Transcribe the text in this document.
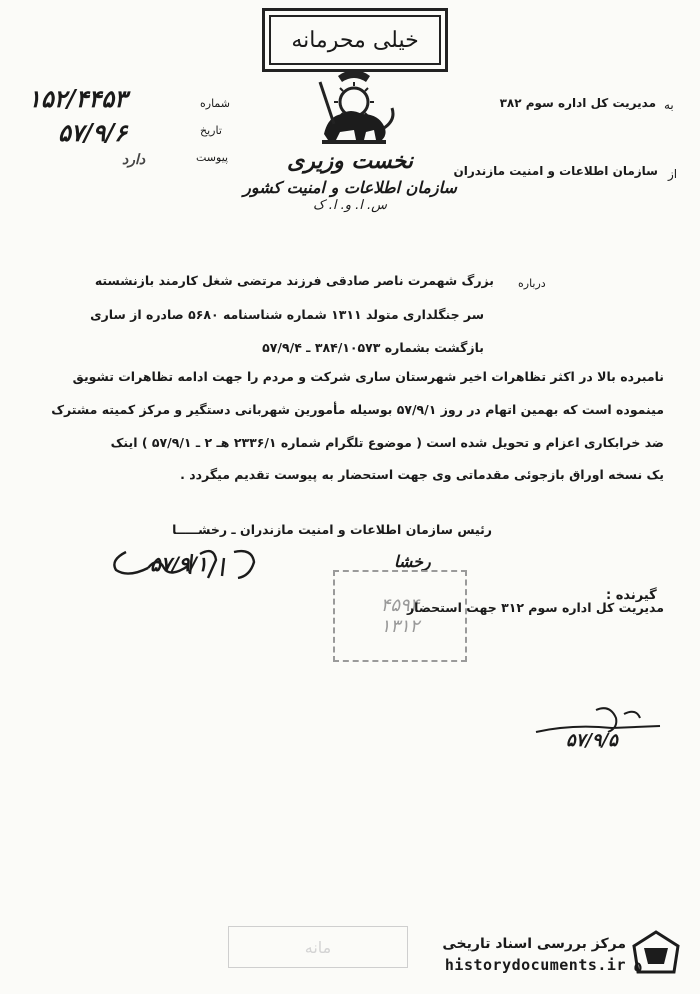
خیلی محرمانه
نخست وزیری
سازمان اطلاعات و امنیت کشور
س. ا. و. ا. ک
شماره
۱۵۲/۴۴۵۳
تاریخ
۵۷/۹/۶
پیوست
دارد
به
مدیریت کل اداره سوم ۳۸۲
از
سازمان اطلاعات و امنیت مازندران
درباره
بزرگ شهمرت ناصر صادقی فرزند مرتضی شغل کارمند بازنشسته
سر جنگلداری متولد ۱۳۱۱ شماره شناسنامه ۵۶۸۰ صادره از ساری
بازگشت بشماره ۳۸۴/۱۰۵۷۳ ـ ۵۷/۹/۴
نامبرده بالا در اکثر تظاهرات اخیر شهرستان ساری شرکت و مردم را جهت ادامه تظاهرات تشویق
مینموده است که بهمین اتهام در روز ۵۷/۹/۱ بوسیله مأمورین شهربانی دستگیر و مرکز کمیته مشترک
ضد خرابکاری اعزام و تحویل شده است ( موضوع تلگرام شماره ۲۳۳۶/۱ هـ ۲ ـ ۵۷/۹/۱ ) اینک
یک نسخه اوراق بازجوئی مقدماتی وی جهت استحضار به پیوست تقدیم میگردد .
رئیس سازمان اطلاعات و امنیت مازندران ـ رخشـــــا
۵۷/۹/۱	رخشا
۴۵۹۴
۱۳۱۲
گیرنده :
مدیریت کل اداره سوم ۳۱۲ جهت استحضار
۵۷/۹/۵
مانه	مرکز بررسی اسناد تاریخی
historydocuments.ir ۵
